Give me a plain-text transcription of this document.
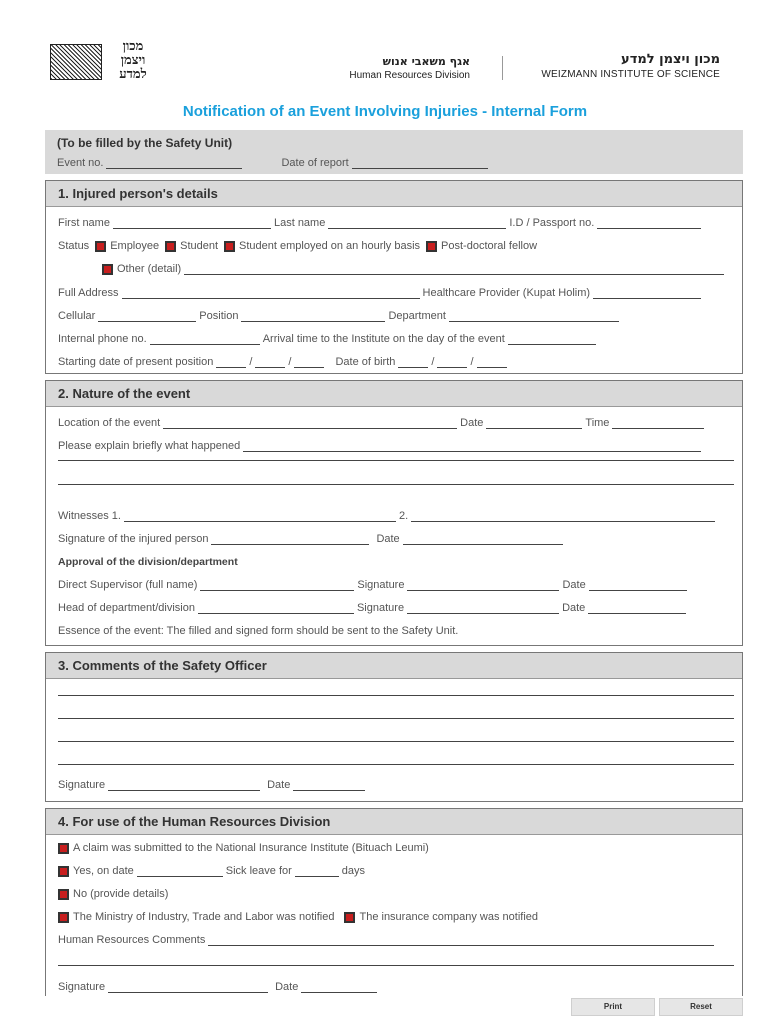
מכון ויצמן למדע
אגף משאבי אנוש
Human Resources Division
מכון ויצמן למדע
WEIZMANN INSTITUTE OF SCIENCE
Notification of an Event Involving Injuries - Internal Form
(To be filled by the Safety Unit)
Event no.	Date of report
1. Injured person's details
First name	Last name	I.D / Passport no.
Status Employee Student Student employed on an hourly basis Post-doctoral fellow
Other (detail)
Full Address	Healthcare Provider (Kupat Holim)
Cellular	Position	Department
Internal phone no.	Arrival time to the Institute on the day of the event
Starting date of present position	/	/	Date of birth	/	/
2. Nature of the event
Location of the event	Date	Time
Please explain briefly what happened
Witnesses 1.	2.
Signature of the injured person	Date
Approval of the division/department
Direct Supervisor (full name)	Signature	Date
Head of department/division	Signature	Date
Essence of the event: The filled and signed form should be sent to the Safety Unit.
3. Comments of the Safety Officer
Signature	Date
4. For use of the Human Resources Division
A claim was submitted to the National Insurance Institute (Bituach Leumi)
Yes, on date	Sick leave for	days
No (provide details)
The Ministry of Industry, Trade and Labor was notified The insurance company was notified
Human Resources Comments
Signature	Date
Print	Reset
